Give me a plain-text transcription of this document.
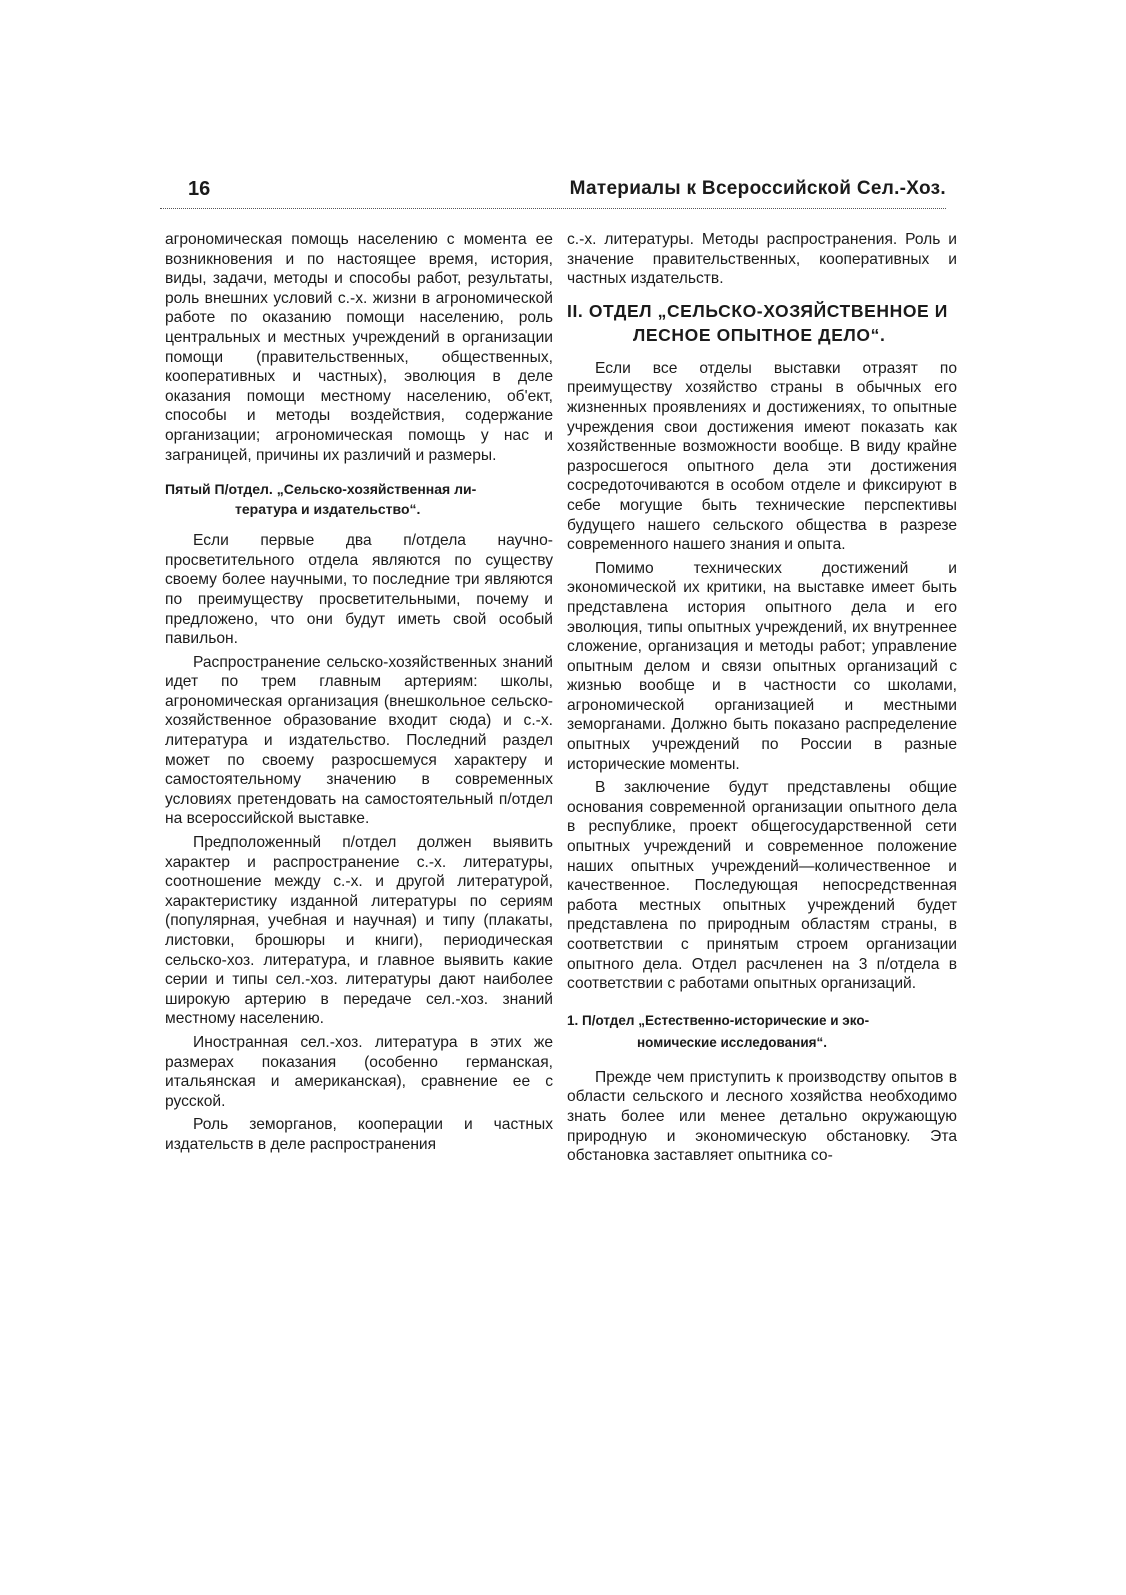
16	Материалы к Всероссийской Сел.-Хоз.

агрономическая помощь населению с момента ее возникновения и по настоящее время, история, виды, задачи, методы и способы работ, результаты, роль внешних условий с.-х. жизни в агрономической работе по оказанию помощи населению, роль центральных и местных учреждений в организации помощи (правительственных, общественных, кооперативных и частных), эволюция в деле оказания помощи местному населению, об'ект, способы и методы воздействия, содержание организации; агрономическая помощь у нас и заграницей, причины их различий и размеры.

Пятый П/отдел. „Сельско-хозяйственная ли-
тература и издательство“.

Если первые два п/отдела научно-просветительного отдела являются по существу своему более научными, то последние три являются по преимуществу просветительными, почему и предложено, что они будут иметь свой особый павильон.

Распространение сельско-хозяйственных знаний идет по трем главным артериям: школы, агрономическая организация (внешкольное сельско-хозяйственное образование входит сюда) и с.-х. литература и издательство. Последний раздел может по своему разросшемуся характеру и самостоятельному значению в современных условиях претендовать на самостоятельный п/отдел на всероссийской выставке.

Предположенный п/отдел должен выявить характер и распространение с.-х. литературы, соотношение между с.-х. и другой литературой, характеристику изданной литературы по сериям (популярная, учебная и научная) и типу (плакаты, листовки, брошюры и книги), периодическая сельско-хоз. литература, и главное выявить какие серии и типы сел.-хоз. литературы дают наиболее широкую артерию в передаче сел.-хоз. знаний местному населению.

Иностранная сел.-хоз. литература в этих же размерах показания (особенно германская, итальянская и американская), сравнение ее с русской.

Роль земорганов, кооперации и частных издательств в деле распространения

с.-х. литературы. Методы распространения. Роль и значение правительственных, кооперативных и частных издательств.

II. ОТДЕЛ „СЕЛЬСКО-ХОЗЯЙСТВЕННОЕ И
ЛЕСНОЕ ОПЫТНОЕ ДЕЛО“.

Если все отделы выставки отразят по преимуществу хозяйство страны в обычных его жизненных проявлениях и достижениях, то опытные учреждения свои достижения имеют показать как хозяйственные возможности вообще. В виду крайне разросшегося опытного дела эти достижения сосредоточиваются в особом отделе и фиксируют в себе могущие быть технические перспективы будущего нашего сельского общества в разрезе современного нашего знания и опыта.

Помимо технических достижений и экономической их критики, на выставке имеет быть представлена история опытного дела и его эволюция, типы опытных учреждений, их внутреннее сложение, организация и методы работ; управление опытным делом и связи опытных организаций с жизнью вообще и в частности со школами, агрономической организацией и местными земорганами. Должно быть показано распределение опытных учреждений по России в разные исторические моменты.

В заключение будут представлены общие основания современной организации опытного дела в республике, проект общегосударственной сети опытных учреждений и современное положение наших опытных учреждений—количественное и качественное. Последующая непосредственная работа местных опытных учреждений будет представлена по природным областям страны, в соответствии с принятым строем организации опытного дела. Отдел расчленен на 3 п/отдела в соответствии с работами опытных организаций.

1. П/отдел „Естественно-исторические и эко-
номические исследования“.

Прежде чем приступить к производству опытов в области сельского и лесного хозяйства необходимо знать более или менее детально окружающую природную и экономическую обстановку. Эта обстановка заставляет опытника со-
